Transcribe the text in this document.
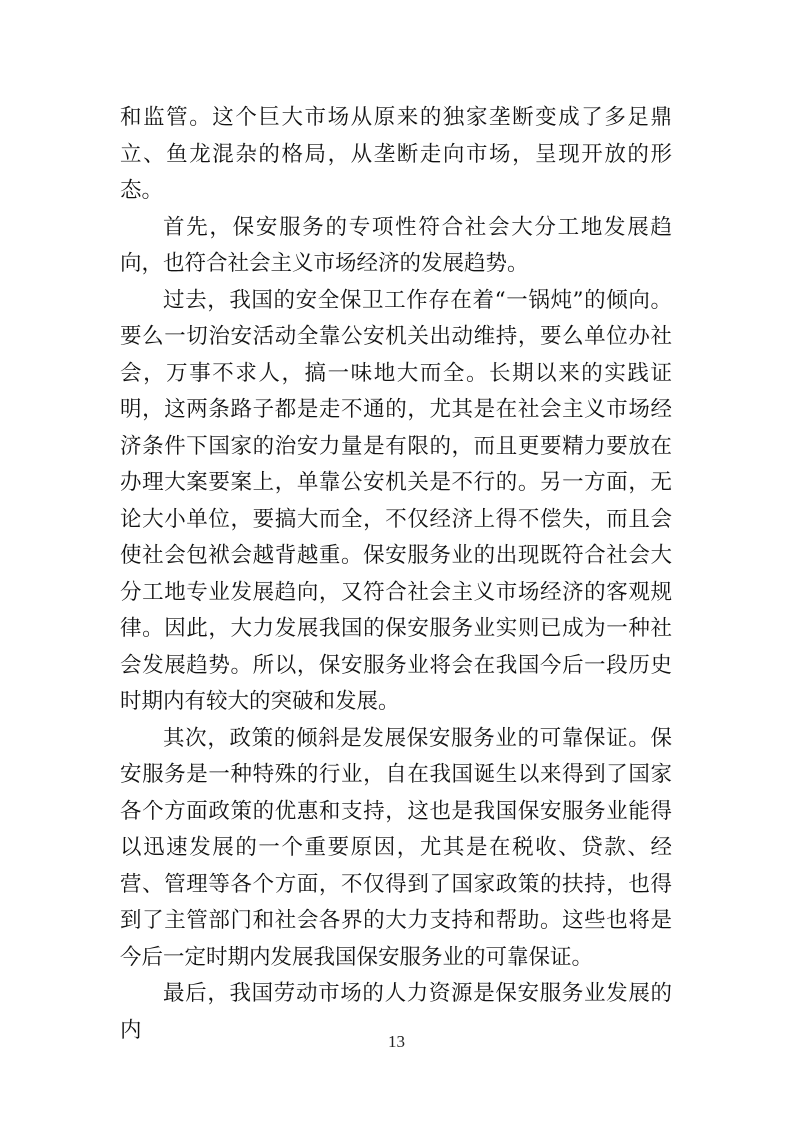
和监管。这个巨大市场从原来的独家垄断变成了多足鼎立、鱼龙混杂的格局，从垄断走向市场，呈现开放的形态。

首先，保安服务的专项性符合社会大分工地发展趋向，也符合社会主义市场经济的发展趋势。

过去，我国的安全保卫工作存在着“一锅炖”的倾向。要么一切治安活动全靠公安机关出动维持，要么单位办社会，万事不求人，搞一味地大而全。长期以来的实践证明，这两条路子都是走不通的，尤其是在社会主义市场经济条件下国家的治安力量是有限的，而且更要精力要放在办理大案要案上，单靠公安机关是不行的。另一方面，无论大小单位，要搞大而全，不仅经济上得不偿失，而且会使社会包袱会越背越重。保安服务业的出现既符合社会大分工地专业发展趋向，又符合社会主义市场经济的客观规律。因此，大力发展我国的保安服务业实则已成为一种社会发展趋势。所以，保安服务业将会在我国今后一段历史时期内有较大的突破和发展。

其次，政策的倾斜是发展保安服务业的可靠保证。保安服务是一种特殊的行业，自在我国诞生以来得到了国家各个方面政策的优惠和支持，这也是我国保安服务业能得以迅速发展的一个重要原因，尤其是在税收、贷款、经营、管理等各个方面，不仅得到了国家政策的扶持，也得到了主管部门和社会各界的大力支持和帮助。这些也将是今后一定时期内发展我国保安服务业的可靠保证。

最后，我国劳动市场的人力资源是保安服务业发展的内	13
